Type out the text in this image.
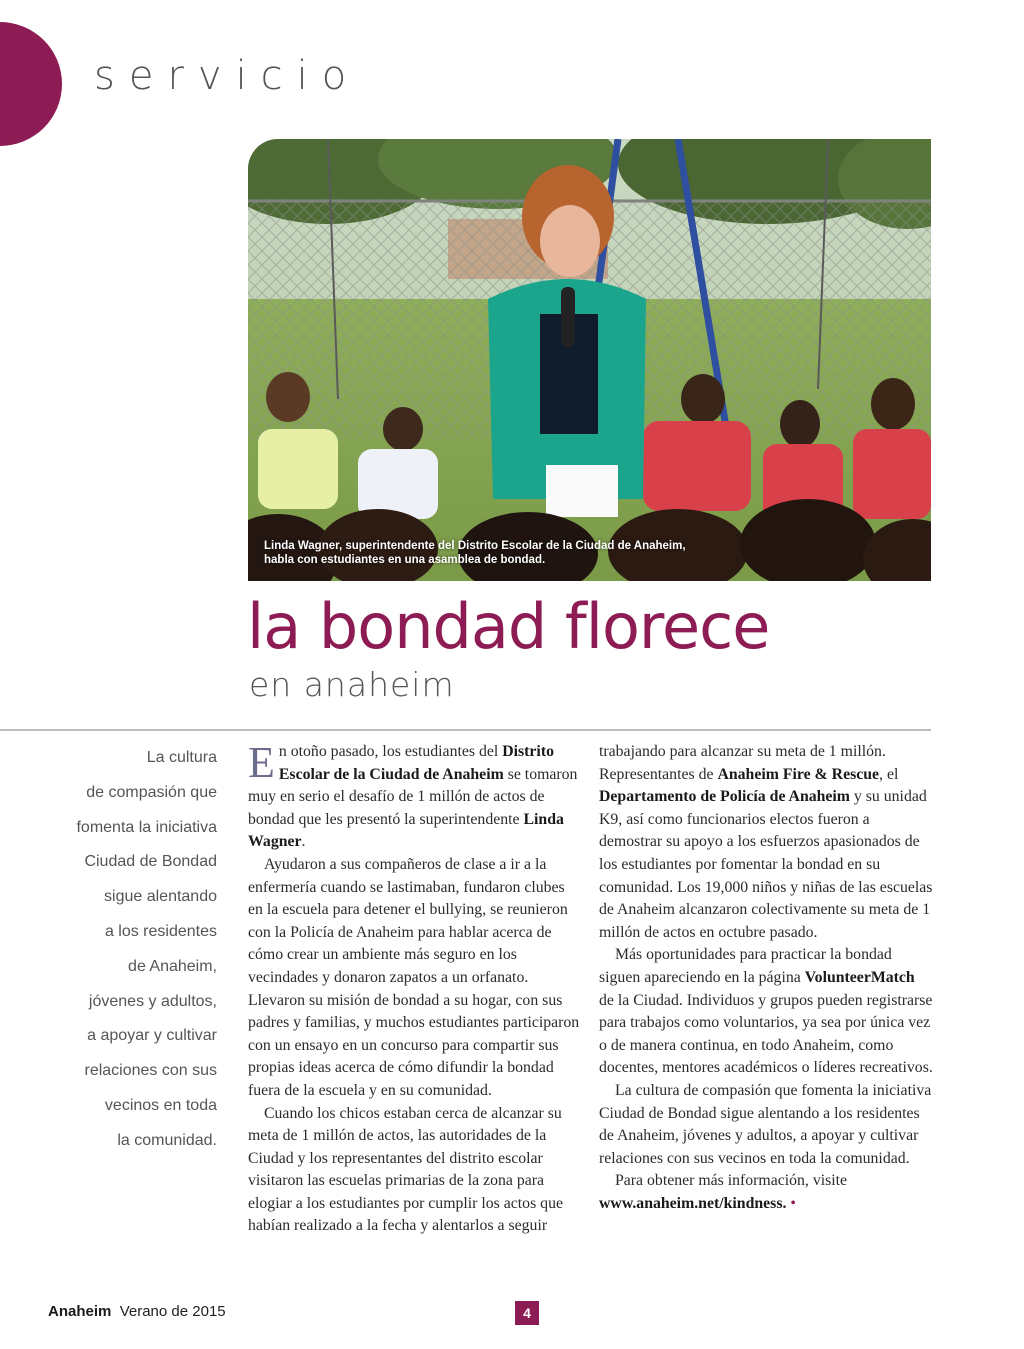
servicio
Linda Wagner, superintendente del Distrito Escolar de la Ciudad de Anaheim,
habla con estudiantes en una asamblea de bondad.
la bondad florece
en anaheim
La cultura
de compasión que
fomenta la iniciativa
Ciudad de Bondad
sigue alentando
a los residentes
de Anaheim,
jóvenes y adultos,
a apoyar y cultivar
relaciones con sus
vecinos en toda
la comunidad.

En otoño pasado, los estudiantes del Distrito Escolar de la Ciudad de Anaheim se tomaron muy en serio el desafío de 1 millón de actos de bondad que les presentó la superintendente Linda Wagner.

Ayudaron a sus compañeros de clase a ir a la enfermería cuando se lastimaban, fundaron clubes en la escuela para detener el bullying, se reunieron con la Policía de Anaheim para hablar acerca de cómo crear un ambiente más seguro en los vecindades y donaron zapatos a un orfanato. Llevaron su misión de bondad a su hogar, con sus padres y familias, y muchos estudiantes participaron con un ensayo en un concurso para compartir sus propias ideas acerca de cómo difundir la bondad fuera de la escuela y en su comunidad.

Cuando los chicos estaban cerca de alcanzar su meta de 1 millón de actos, las autoridades de la Ciudad y los representantes del distrito escolar visitaron las escuelas primarias de la zona para elogiar a los estudiantes por cumplir los actos que habían realizado a la fecha y alentarlos a seguir

trabajando para alcanzar su meta de 1 millón.

Representantes de Anaheim Fire & Rescue, el Departamento de Policía de Anaheim y su unidad K9, así como funcionarios electos fueron a demostrar su apoyo a los esfuerzos apasionados de los estudiantes por fomentar la bondad en su comunidad. Los 19,000 niños y niñas de las escuelas de Anaheim alcanzaron colectivamente su meta de 1 millón de actos en octubre pasado.

Más oportunidades para practicar la bondad siguen apareciendo en la página VolunteerMatch de la Ciudad. Individuos y grupos pueden registrarse para trabajos como voluntarios, ya sea por única vez o de manera continua, en todo Anaheim, como docentes, mentores académicos o líderes recreativos.

La cultura de compasión que fomenta la iniciativa Ciudad de Bondad sigue alentando a los residentes de Anaheim, jóvenes y adultos, a apoyar y cultivar relaciones con sus vecinos en toda la comunidad.

Para obtener más información, visite www.anaheim.net/kindness. •

Anaheim Verano de 2015	4
